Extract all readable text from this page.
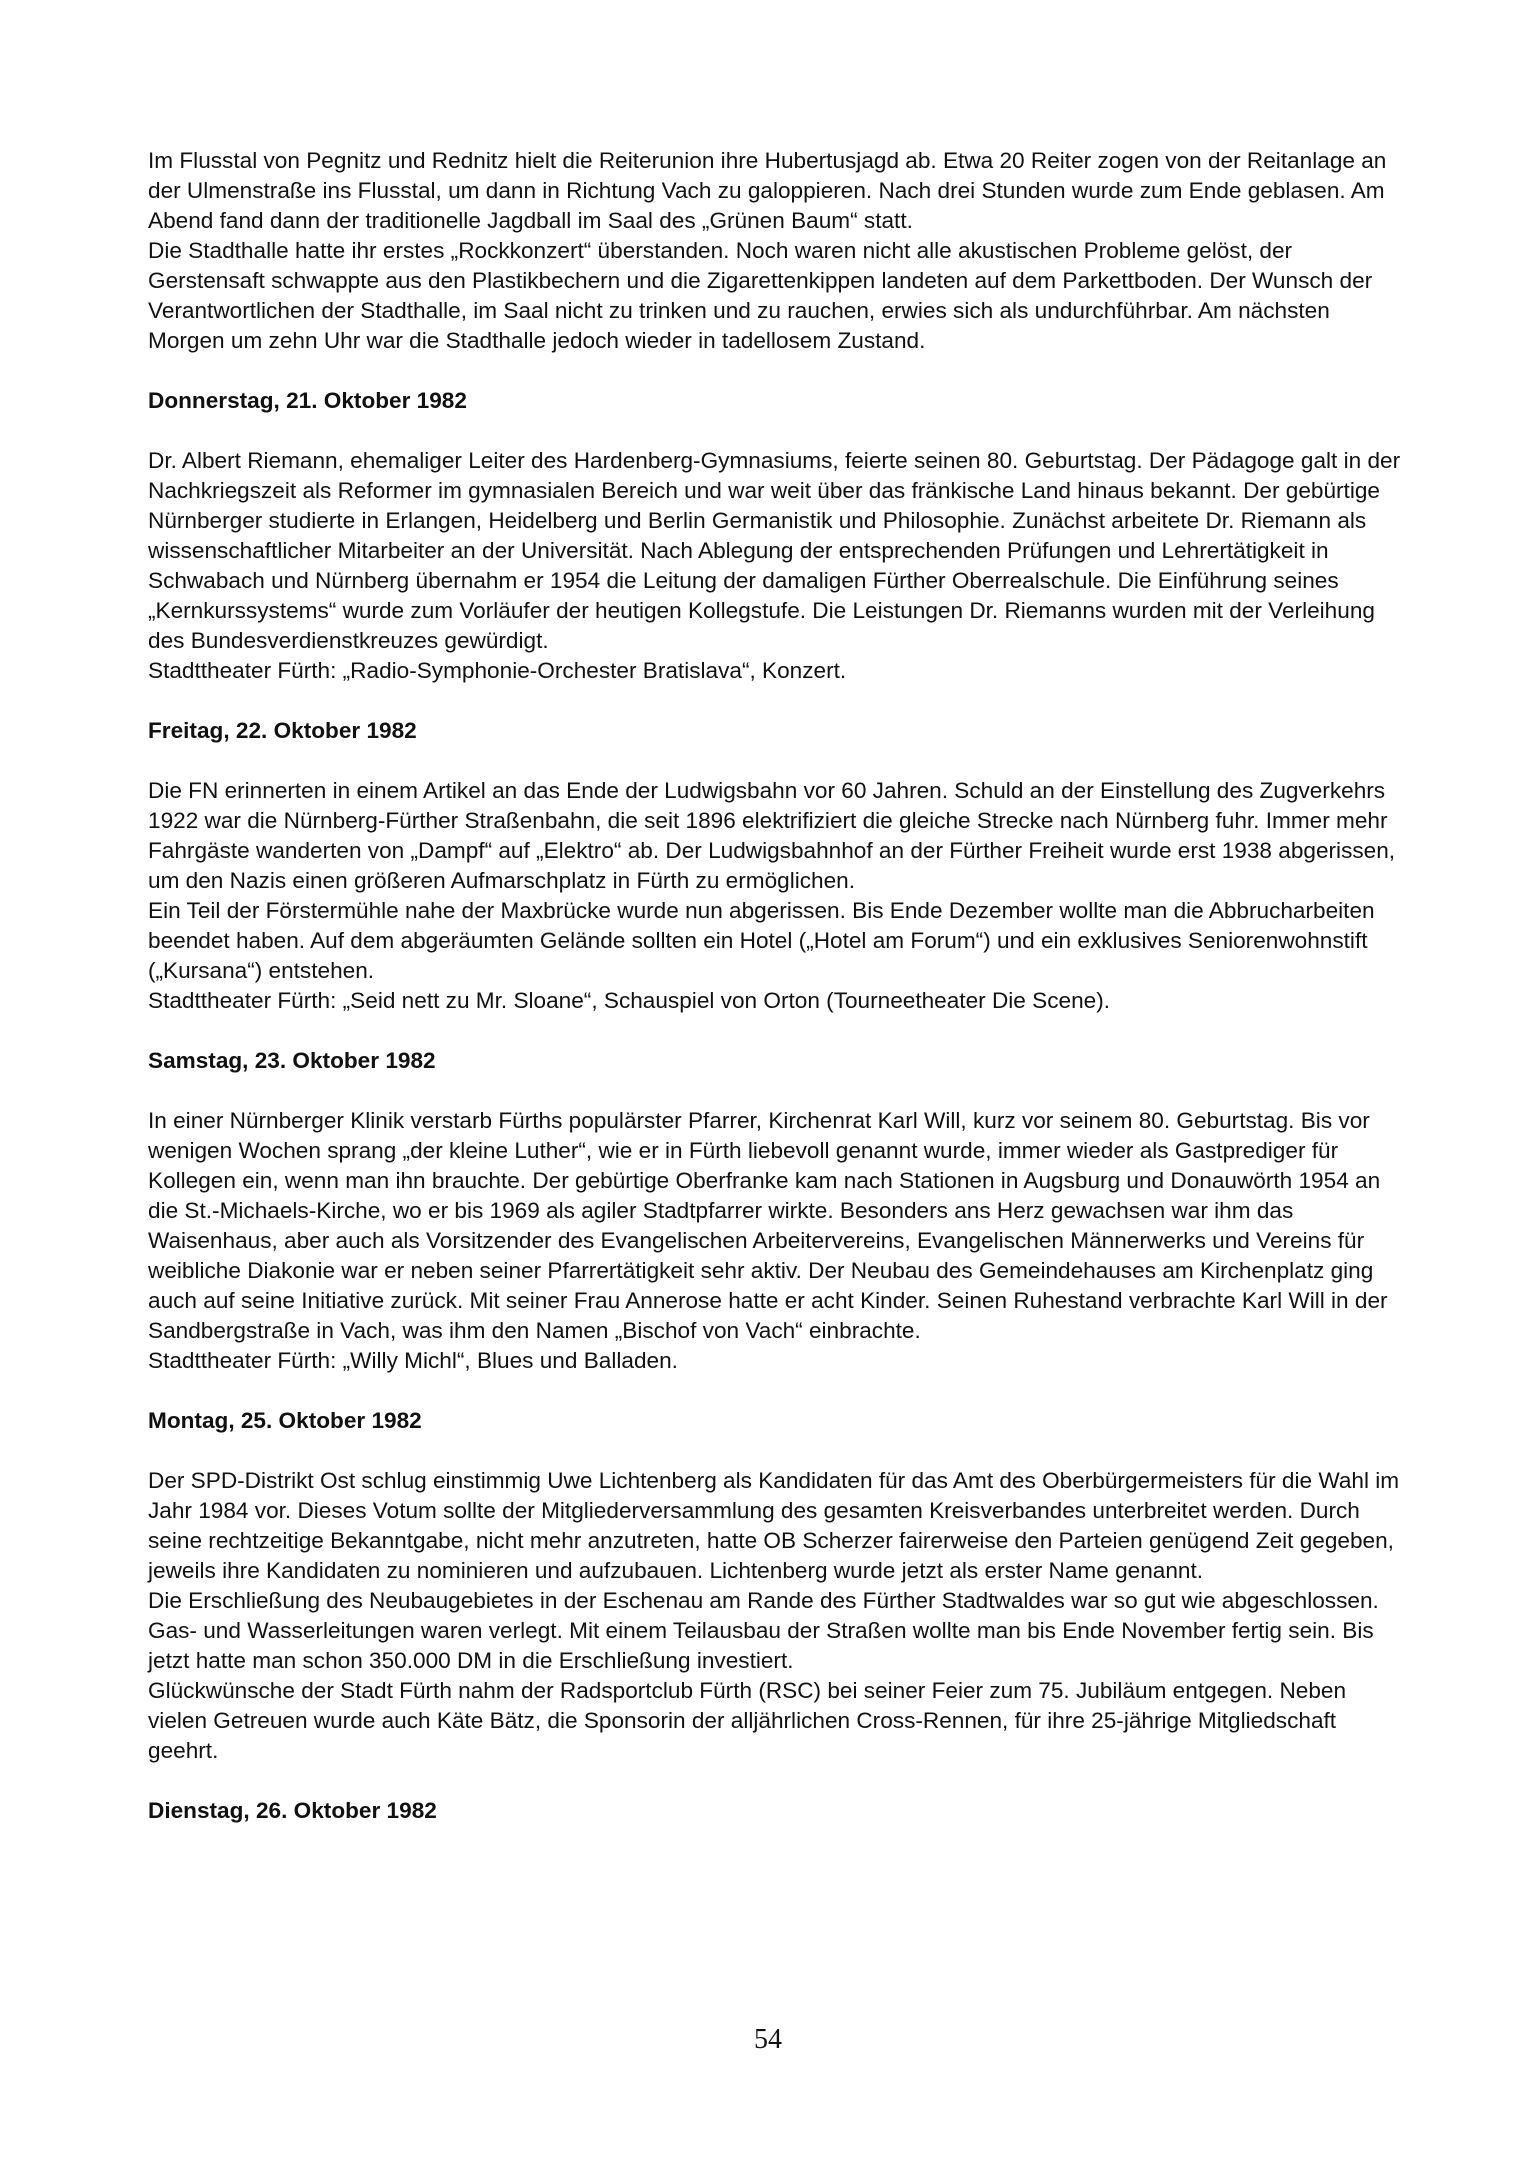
Im Flusstal von Pegnitz und Rednitz hielt die Reiterunion ihre Hubertusjagd ab. Etwa 20 Reiter zogen von der Reitanlage an der Ulmenstraße ins Flusstal, um dann in Richtung Vach zu galoppieren. Nach drei Stunden wurde zum Ende geblasen. Am Abend fand dann der traditionelle Jagdball im Saal des „Grünen Baum“ statt.

Die Stadthalle hatte ihr erstes „Rockkonzert“ überstanden. Noch waren nicht alle akustischen Probleme gelöst, der Gerstensaft schwappte aus den Plastikbechern und die Zigarettenkippen landeten auf dem Parkettboden. Der Wunsch der Verantwortlichen der Stadthalle, im Saal nicht zu trinken und zu rauchen, erwies sich als undurchführbar. Am nächsten Morgen um zehn Uhr war die Stadthalle jedoch wieder in tadellosem Zustand.

Donnerstag, 21. Oktober 1982

Dr. Albert Riemann, ehemaliger Leiter des Hardenberg-Gymnasiums, feierte seinen 80. Geburtstag. Der Pädagoge galt in der Nachkriegszeit als Reformer im gymnasialen Bereich und war weit über das fränkische Land hinaus bekannt. Der gebürtige Nürnberger studierte in Erlangen, Heidelberg und Berlin Germanistik und Philosophie. Zunächst arbeitete Dr. Riemann als wissenschaftlicher Mitarbeiter an der Universität. Nach Ablegung der entsprechenden Prüfungen und Lehrertätigkeit in Schwabach und Nürnberg übernahm er 1954 die Leitung der damaligen Fürther Oberrealschule. Die Einführung seines „Kernkurssystems“ wurde zum Vorläufer der heutigen Kollegstufe. Die Leistungen Dr. Riemanns wurden mit der Verleihung des Bundesverdienstkreuzes gewürdigt.

Stadttheater Fürth: „Radio-Symphonie-Orchester Bratislava“, Konzert.

Freitag, 22. Oktober 1982

Die FN erinnerten in einem Artikel an das Ende der Ludwigsbahn vor 60 Jahren. Schuld an der Einstellung des Zugverkehrs 1922 war die Nürnberg-Fürther Straßenbahn, die seit 1896 elektrifiziert die gleiche Strecke nach Nürnberg fuhr. Immer mehr Fahrgäste wanderten von „Dampf“ auf „Elektro“ ab. Der Ludwigsbahnhof an der Fürther Freiheit wurde erst 1938 abgerissen, um den Nazis einen größeren Aufmarschplatz in Fürth zu ermöglichen.

Ein Teil der Förstermühle nahe der Maxbrücke wurde nun abgerissen. Bis Ende Dezember wollte man die Abbrucharbeiten beendet haben. Auf dem abgeräumten Gelände sollten ein Hotel („Hotel am Forum“) und ein exklusives Seniorenwohnstift („Kursana“) entstehen.

Stadttheater Fürth: „Seid nett zu Mr. Sloane“, Schauspiel von Orton (Tourneetheater Die Scene).

Samstag, 23. Oktober 1982

In einer Nürnberger Klinik verstarb Fürths populärster Pfarrer, Kirchenrat Karl Will, kurz vor seinem 80. Geburtstag. Bis vor wenigen Wochen sprang „der kleine Luther“, wie er in Fürth liebevoll genannt wurde, immer wieder als Gastprediger für Kollegen ein, wenn man ihn brauchte. Der gebürtige Oberfranke kam nach Stationen in Augsburg und Donauwörth 1954 an die St.-Michaels-Kirche, wo er bis 1969 als agiler Stadtpfarrer wirkte. Besonders ans Herz gewachsen war ihm das Waisenhaus, aber auch als Vorsitzender des Evangelischen Arbeitervereins, Evangelischen Männerwerks und Vereins für weibliche Diakonie war er neben seiner Pfarrertätigkeit sehr aktiv. Der Neubau des Gemeindehauses am Kirchenplatz ging auch auf seine Initiative zurück. Mit seiner Frau Annerose hatte er acht Kinder. Seinen Ruhestand verbrachte Karl Will in der Sandbergstraße in Vach, was ihm den Namen „Bischof von Vach“ einbrachte.

Stadttheater Fürth: „Willy Michl“, Blues und Balladen.

Montag, 25. Oktober 1982

Der SPD-Distrikt Ost schlug einstimmig Uwe Lichtenberg als Kandidaten für das Amt des Oberbürgermeisters für die Wahl im Jahr 1984 vor. Dieses Votum sollte der Mitgliederversammlung des gesamten Kreisverbandes unterbreitet werden. Durch seine rechtzeitige Bekanntgabe, nicht mehr anzutreten, hatte OB Scherzer fairerweise den Parteien genügend Zeit gegeben, jeweils ihre Kandidaten zu nominieren und aufzubauen. Lichtenberg wurde jetzt als erster Name genannt.

Die Erschließung des Neubaugebietes in der Eschenau am Rande des Fürther Stadtwaldes war so gut wie abgeschlossen. Gas- und Wasserleitungen waren verlegt. Mit einem Teilausbau der Straßen wollte man bis Ende November fertig sein. Bis jetzt hatte man schon 350.000 DM in die Erschließung investiert.

Glückwünsche der Stadt Fürth nahm der Radsportclub Fürth (RSC) bei seiner Feier zum 75. Jubiläum entgegen. Neben vielen Getreuen wurde auch Käte Bätz, die Sponsorin der alljährlichen Cross-Rennen, für ihre 25-jährige Mitgliedschaft geehrt.

Dienstag, 26. Oktober 1982
54
